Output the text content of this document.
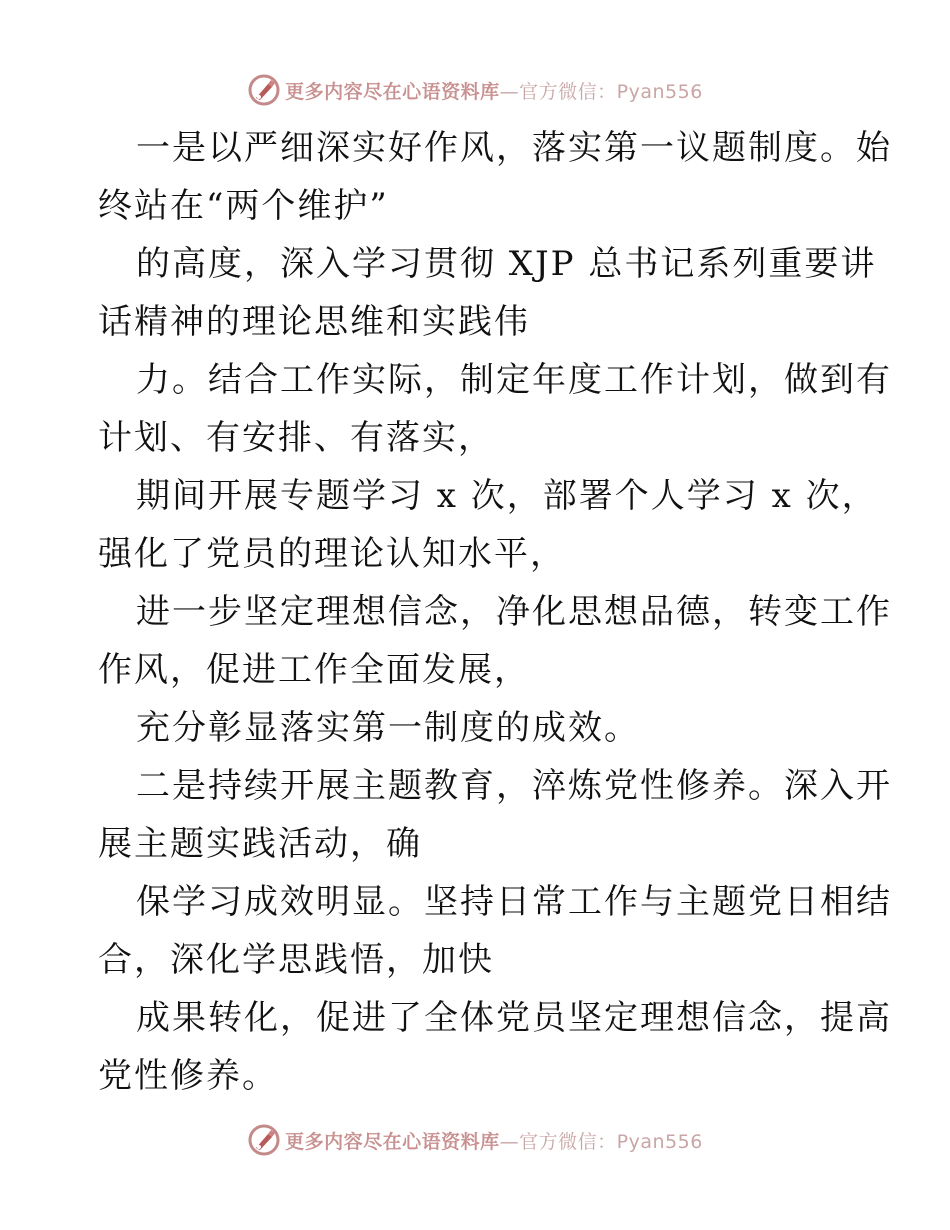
更多内容尽在心语资料库—官方微信：Pyan556
一是以严细深实好作风，落实第一议题制度。始
终站在“两个维护”
的高度，深入学习贯彻 XJP 总书记系列重要讲
话精神的理论思维和实践伟
力。结合工作实际，制定年度工作计划，做到有
计划、有安排、有落实，
期间开展专题学习 x 次，部署个人学习 x 次，
强化了党员的理论认知水平，
进一步坚定理想信念，净化思想品德，转变工作
作风，促进工作全面发展，
充分彰显落实第一制度的成效。
二是持续开展主题教育，淬炼党性修养。深入开
展主题实践活动，确
保学习成效明显。坚持日常工作与主题党日相结
合，深化学思践悟，加快
成果转化，促进了全体党员坚定理想信念，提高
党性修养。
更多内容尽在心语资料库—官方微信：Pyan556
